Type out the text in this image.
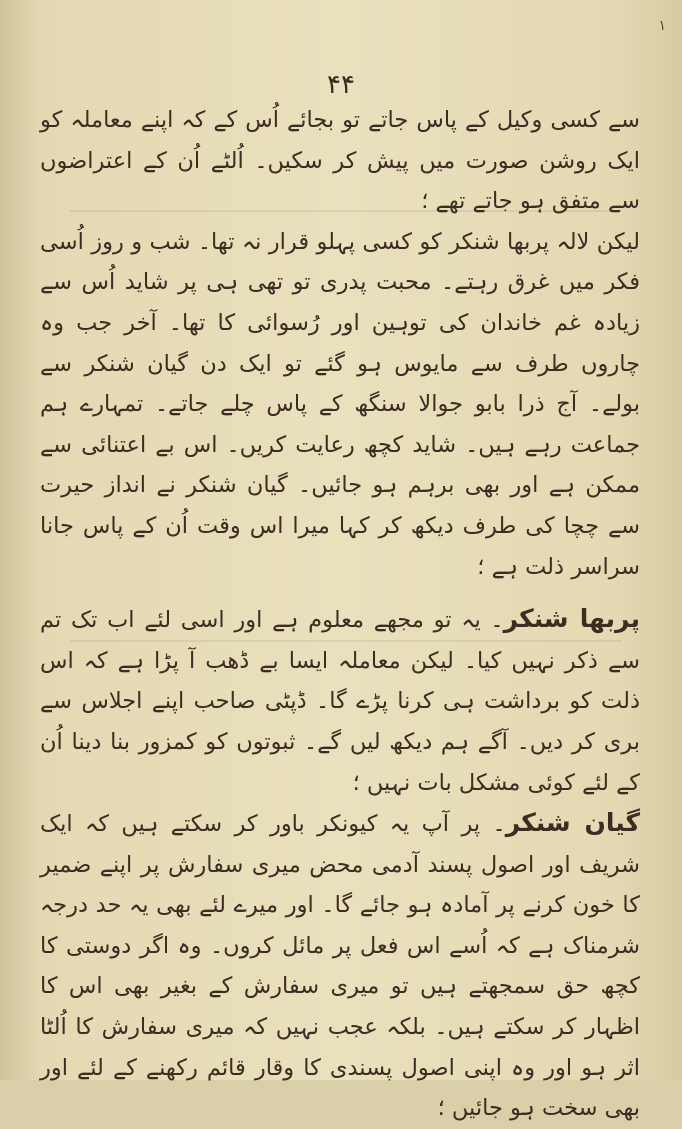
۱
۴۴

سے کسی وکیل کے پاس جاتے تو بجائے اُس کے کہ اپنے معاملہ کو ایک روشن صورت میں پیش کر سکیں۔ اُلٹے اُن کے اعتراضوں سے متفق ہو جاتے تھے ؛

لیکن لالہ پربھا شنکر کو کسی پہلو قرار نہ تھا۔ شب و روز اُسی فکر میں غرق رہتے۔ محبت پدری تو تھی ہی پر شاید اُس سے زیادہ غم خاندان کی توہین اور رُسوائی کا تھا۔ آخر جب وہ چاروں طرف سے مایوس ہو گئے تو ایک دن گیان شنکر سے بولے۔ آج ذرا بابو جوالا سنگھ کے پاس چلے جاتے۔ تمہارے ہم جماعت رہے ہیں۔ شاید کچھ رعایت کریں۔ اس بے اعتنائی سے ممکن ہے اور بھی برہم ہو جائیں۔ گیان شنکر نے انداز حیرت سے چچا کی طرف دیکھ کر کہا میرا اس وقت اُن کے پاس جانا سراسر ذلت ہے ؛

پربھا شنکر۔ یہ تو مجھے معلوم ہے اور اسی لئے اب تک تم سے ذکر نہیں کیا۔ لیکن معاملہ ایسا بے ڈھب آ پڑا ہے کہ اس ذلت کو برداشت ہی کرنا پڑے گا۔ ڈپٹی صاحب اپنے اجلاس سے بری کر دیں۔ آگے ہم دیکھ لیں گے۔ ثبوتوں کو کمزور بنا دینا اُن کے لئے کوئی مشکل بات نہیں ؛

گیان شنکر۔ پر آپ یہ کیونکر باور کر سکتے ہیں کہ ایک شریف اور اصول پسند آدمی محض میری سفارش پر اپنے ضمیر کا خون کرنے پر آمادہ ہو جائے گا۔ اور میرے لئے بھی یہ حد درجہ شرمناک ہے کہ اُسے اس فعل پر مائل کروں۔ وہ اگر دوستی کا کچھ حق سمجھتے ہیں تو میری سفارش کے بغیر بھی اس کا اظہار کر سکتے ہیں۔ بلکہ عجب نہیں کہ میری سفارش کا اُلٹا اثر ہو اور وہ اپنی اصول پسندی کا وقار قائم رکھنے کے لئے اور بھی سخت ہو جائیں ؛
